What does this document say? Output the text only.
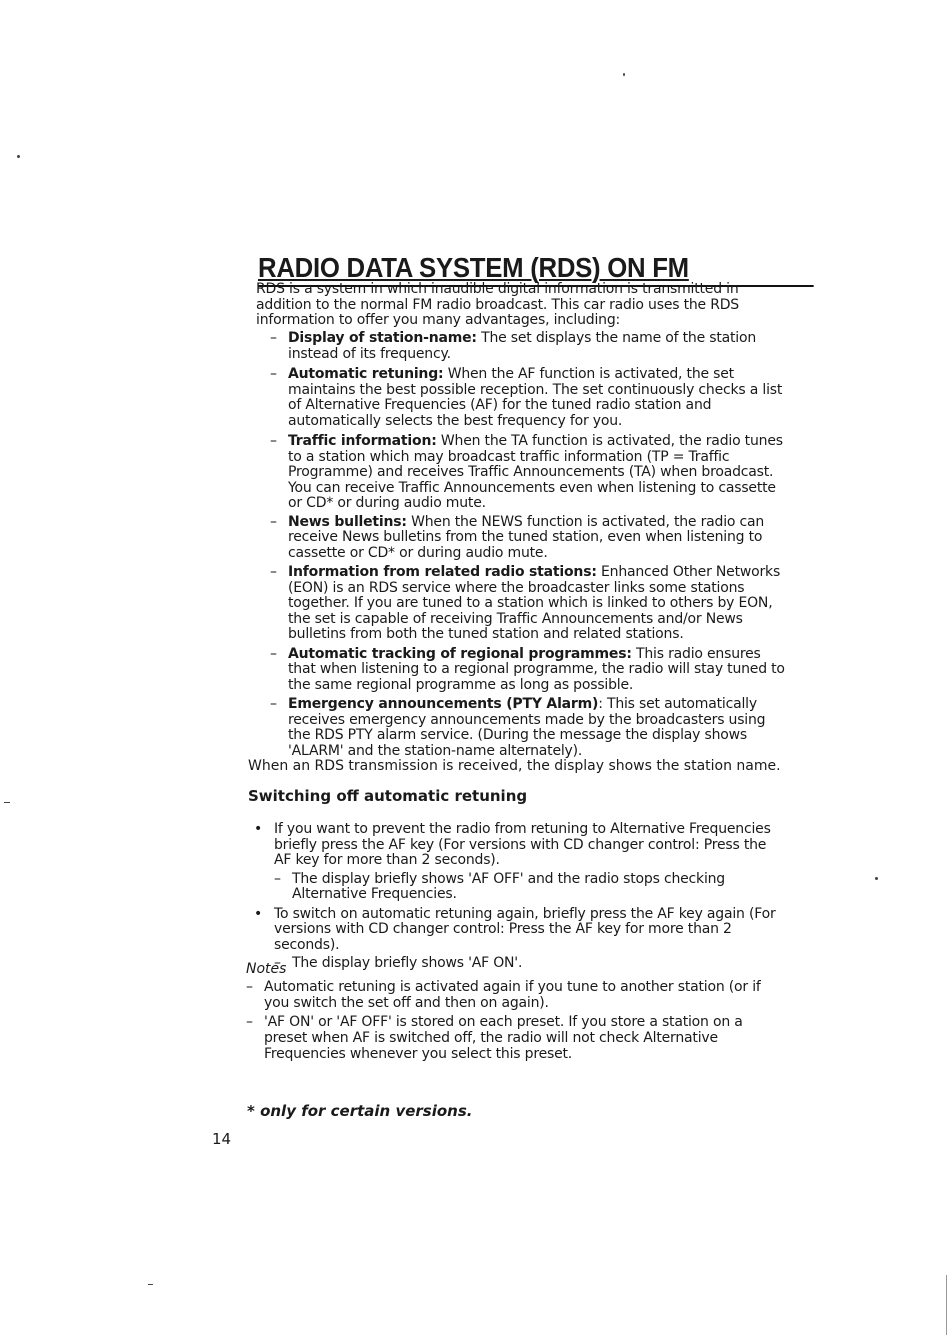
RADIO DATA SYSTEM (RDS) ON FM

RDS is a system in which inaudible digital information is transmitted in addition to the normal FM radio broadcast. This car radio uses the RDS information to offer you many advantages, including:

– Display of station-name: The set displays the name of the station instead of its frequency.
– Automatic retuning: When the AF function is activated, the set maintains the best possible reception. The set continuously checks a list of Alternative Frequencies (AF) for the tuned radio station and automatically selects the best frequency for you.
– Traffic information: When the TA function is activated, the radio tunes to a station which may broadcast traffic information (TP = Traffic Programme) and receives Traffic Announcements (TA) when broadcast. You can receive Traffic Announcements even when listening to cassette or CD* or during audio mute.
– News bulletins: When the NEWS function is activated, the radio can receive News bulletins from the tuned station, even when listening to cassette or CD* or during audio mute.
– Information from related radio stations: Enhanced Other Networks (EON) is an RDS service where the broadcaster links some stations together. If you are tuned to a station which is linked to others by EON, the set is capable of receiving Traffic Announcements and/or News bulletins from both the tuned station and related stations.
– Automatic tracking of regional programmes: This radio ensures that when listening to a regional programme, the radio will stay tuned to the same regional programme as long as possible.
– Emergency announcements (PTY Alarm): This set automatically receives emergency announcements made by the broadcasters using the RDS PTY alarm service. (During the message the display shows 'ALARM' and the station-name alternately).

When an RDS transmission is received, the display shows the station name.

Switching off automatic retuning
• If you want to prevent the radio from retuning to Alternative Frequencies briefly press the AF key (For versions with CD changer control: Press the AF key for more than 2 seconds).
– The display briefly shows 'AF OFF' and the radio stops checking Alternative Frequencies.
• To switch on automatic retuning again, briefly press the AF key again (For versions with CD changer control: Press the AF key for more than 2 seconds).
– The display briefly shows 'AF ON'.

Notes

– Automatic retuning is activated again if you tune to another station (or if you switch the set off and then on again).
– 'AF ON' or 'AF OFF' is stored on each preset. If you store a station on a preset when AF is switched off, the radio will not check Alternative Frequencies whenever you select this preset.

* only for certain versions.

14
